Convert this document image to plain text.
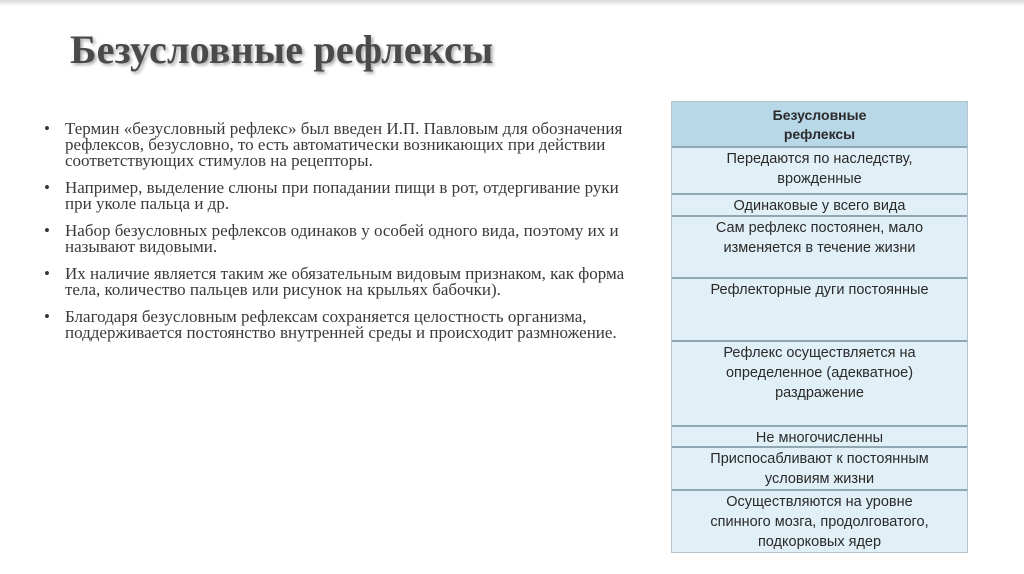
Безусловные рефлексы
• Термин «безусловный рефлекс» был введен И.П. Павловым для обозначения рефлексов, безусловно, то есть автоматически возникающих при действии соответствующих стимулов на рецепторы.
• Например, выделение слюны при попадании пищи в рот, отдергивание руки при уколе пальца и др.
• Набор безусловных рефлексов одинаков у особей одного вида, поэтому их и называют видовыми.
• Их наличие является таким же обязательным видовым признаком, как форма тела, количество пальцев или рисунок на крыльях бабочки).
• Благодаря безусловным рефлексам сохраняется целостность организма, поддерживается постоянство внутренней среды и происходит размножение.
Безусловные
рефлексы
Передаются по наследству,
врожденные
Одинаковые у всего вида
Сам рефлекс постоянен, мало
изменяется в течение жизни
Рефлекторные дуги постоянные
Рефлекс осуществляется на
определенное (адекватное)
раздражение
Не многочисленны
Приспосабливают к постоянным
условиям жизни
Осуществляются на уровне
спинного мозга, продолговатого,
подкорковых ядер
